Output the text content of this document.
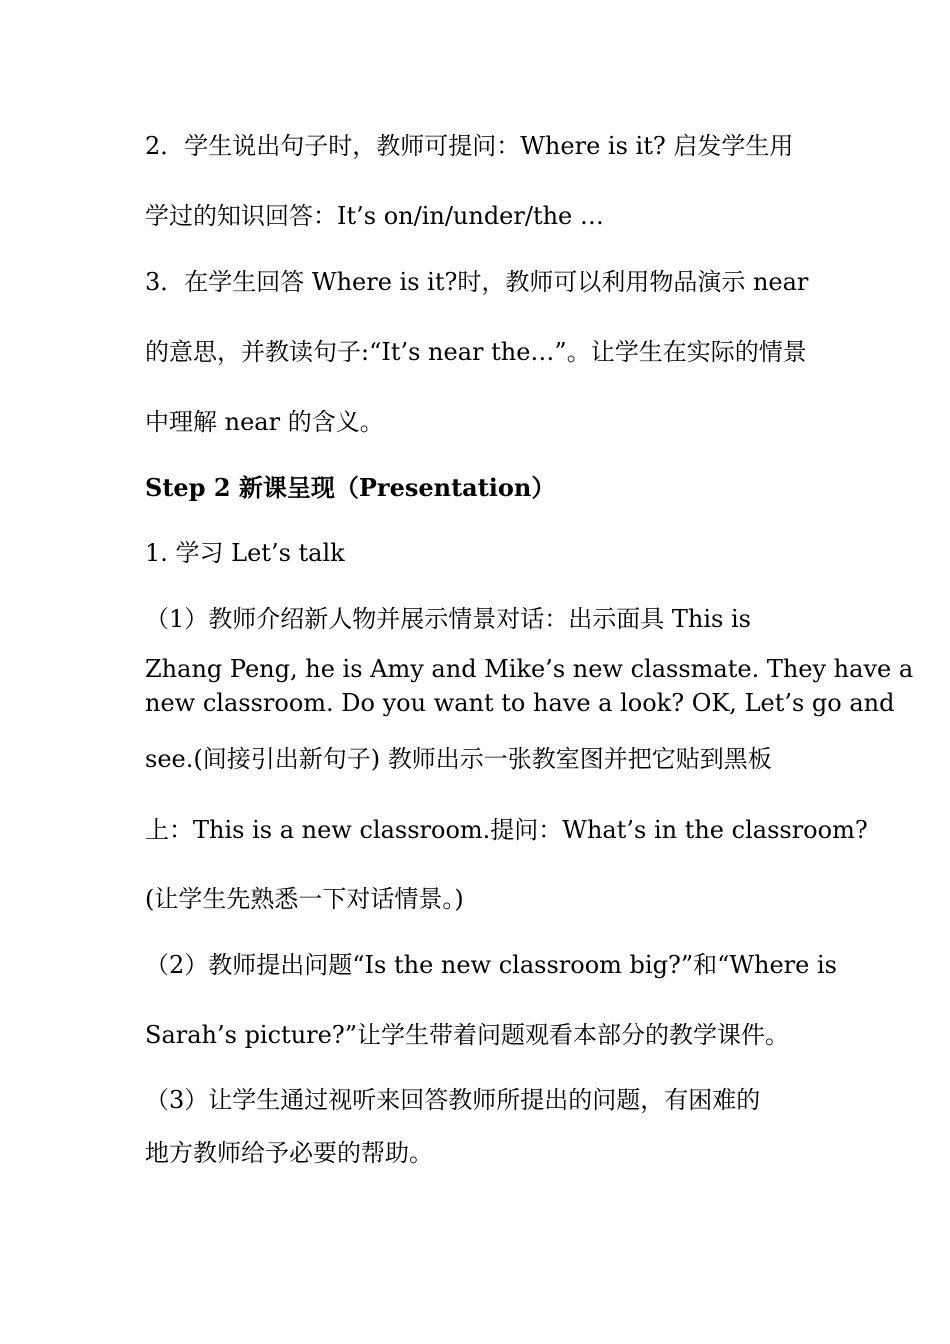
2．学生说出句子时，教师可提问：Where is it? 启发学生用
学过的知识回答：It’s on/in/under/the …
3．在学生回答 Where is it?时，教师可以利用物品演示 near
的意思，并教读句子:“It’s near the…”。让学生在实际的情景
中理解 near 的含义。
Step 2 新课呈现（Presentation）
1. 学习 Let’s talk
（1）教师介绍新人物并展示情景对话：出示面具 This is
Zhang Peng, he is Amy and Mike’s new classmate. They have a
new classroom. Do you want to have a look? OK, Let’s go and
see.(间接引出新句子) 教师出示一张教室图并把它贴到黑板
上：This is a new classroom.提问：What’s in the classroom?
(让学生先熟悉一下对话情景。)
（2）教师提出问题“Is the new classroom big?”和“Where is
Sarah’s picture?”让学生带着问题观看本部分的教学课件。
（3）让学生通过视听来回答教师所提出的问题，有困难的
地方教师给予必要的帮助。
